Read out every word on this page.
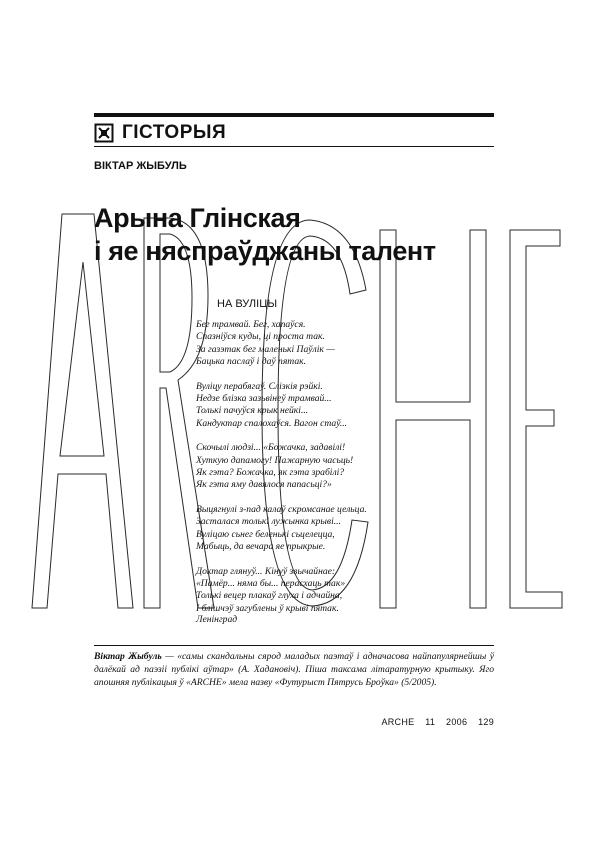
ГІСТОРЫЯ
ВІКТАР ЖЫБУЛЬ
Арына Глінская
і яе няспраўджаны талент
НА ВУЛІЦЫ
Бег трамвай. Бег, хапаўся.
Спазніўся куды, ці проста так.
За газэтак бег маленькі Паўлік —
Бацька паслаў і даў пятак.
Вуліцу перабягаў. Слізкія рэйкі.
Недзе блізка зазьвінеў трамвай...
Толькі пачуўся крык нейкі...
Кандуктар спалохаўся. Вагон стаў...
Скочылі людзі... «Божачка, задавілі!
Хуткую дапамогу! Пажарную часьць!
Як гэта? Божачка, як гэта зрабілі?
Як гэта яму давялося папасьці?»
Выцягнулі з-пад калаў скромсанае цельца.
Засталася толькі лужынка крыві...
Вуліцаю сьнег беленькі сьцелецца,
Мабыць, да вечара яе прыкрые.
Доктар глянуў... Кінуў звычайнае:
«Памёр... няма бы... перасхаць так»
Толькі вецер плакаў глуха і адчайна,
І блішчэў загублены ў крыві пятак.
Ленінград

Віктар Жыбуль — «самы скандальны сярод маладых паэтаў і адначасова найпапулярнейшы ў далёкай ад паэзіі публікі аўтар» (А. Хадановіч). Піша таксама літаратурную крытыку. Яго апошняя публікацыя ў «ARCHE» мела назву «Футурыст Пятрусь Броўка» (5/2005).

ARCHE 11 2006 129
